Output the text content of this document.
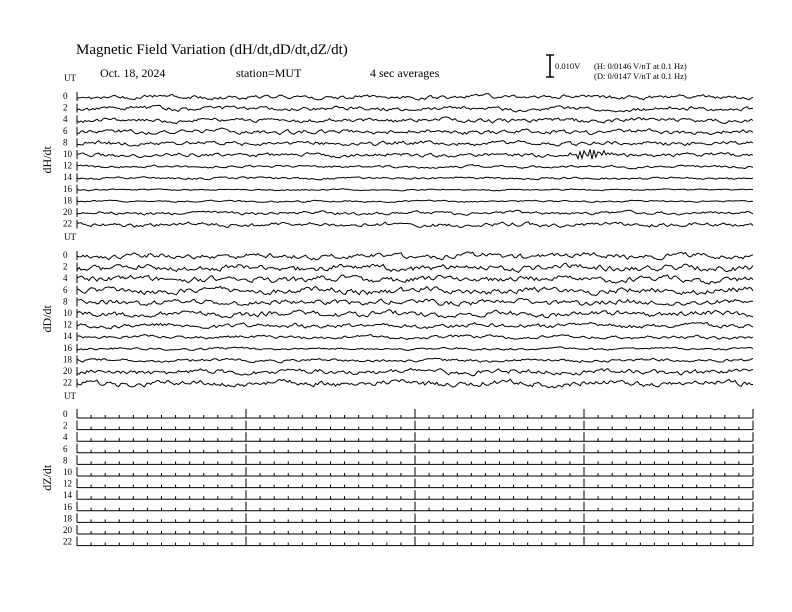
Magnetic Field Variation (dH/dt,dD/dt,dZ/dt)
Oct. 18, 2024	station=MUT	4 sec averages	0.010V (H: 0/0146 V/nT at 0.1 Hz)
(D: 0/0147 V/nT at 0.1 Hz)
UT
dH/dt
0
2
4
6
8
10
12
14
16
18
20
22
UT
dD/dt
0
2
4
6
8
10
12
14
16
18
20
22
UT
dZ/dt
0
2
4
6
8
10
12
14
16
18
20
22
